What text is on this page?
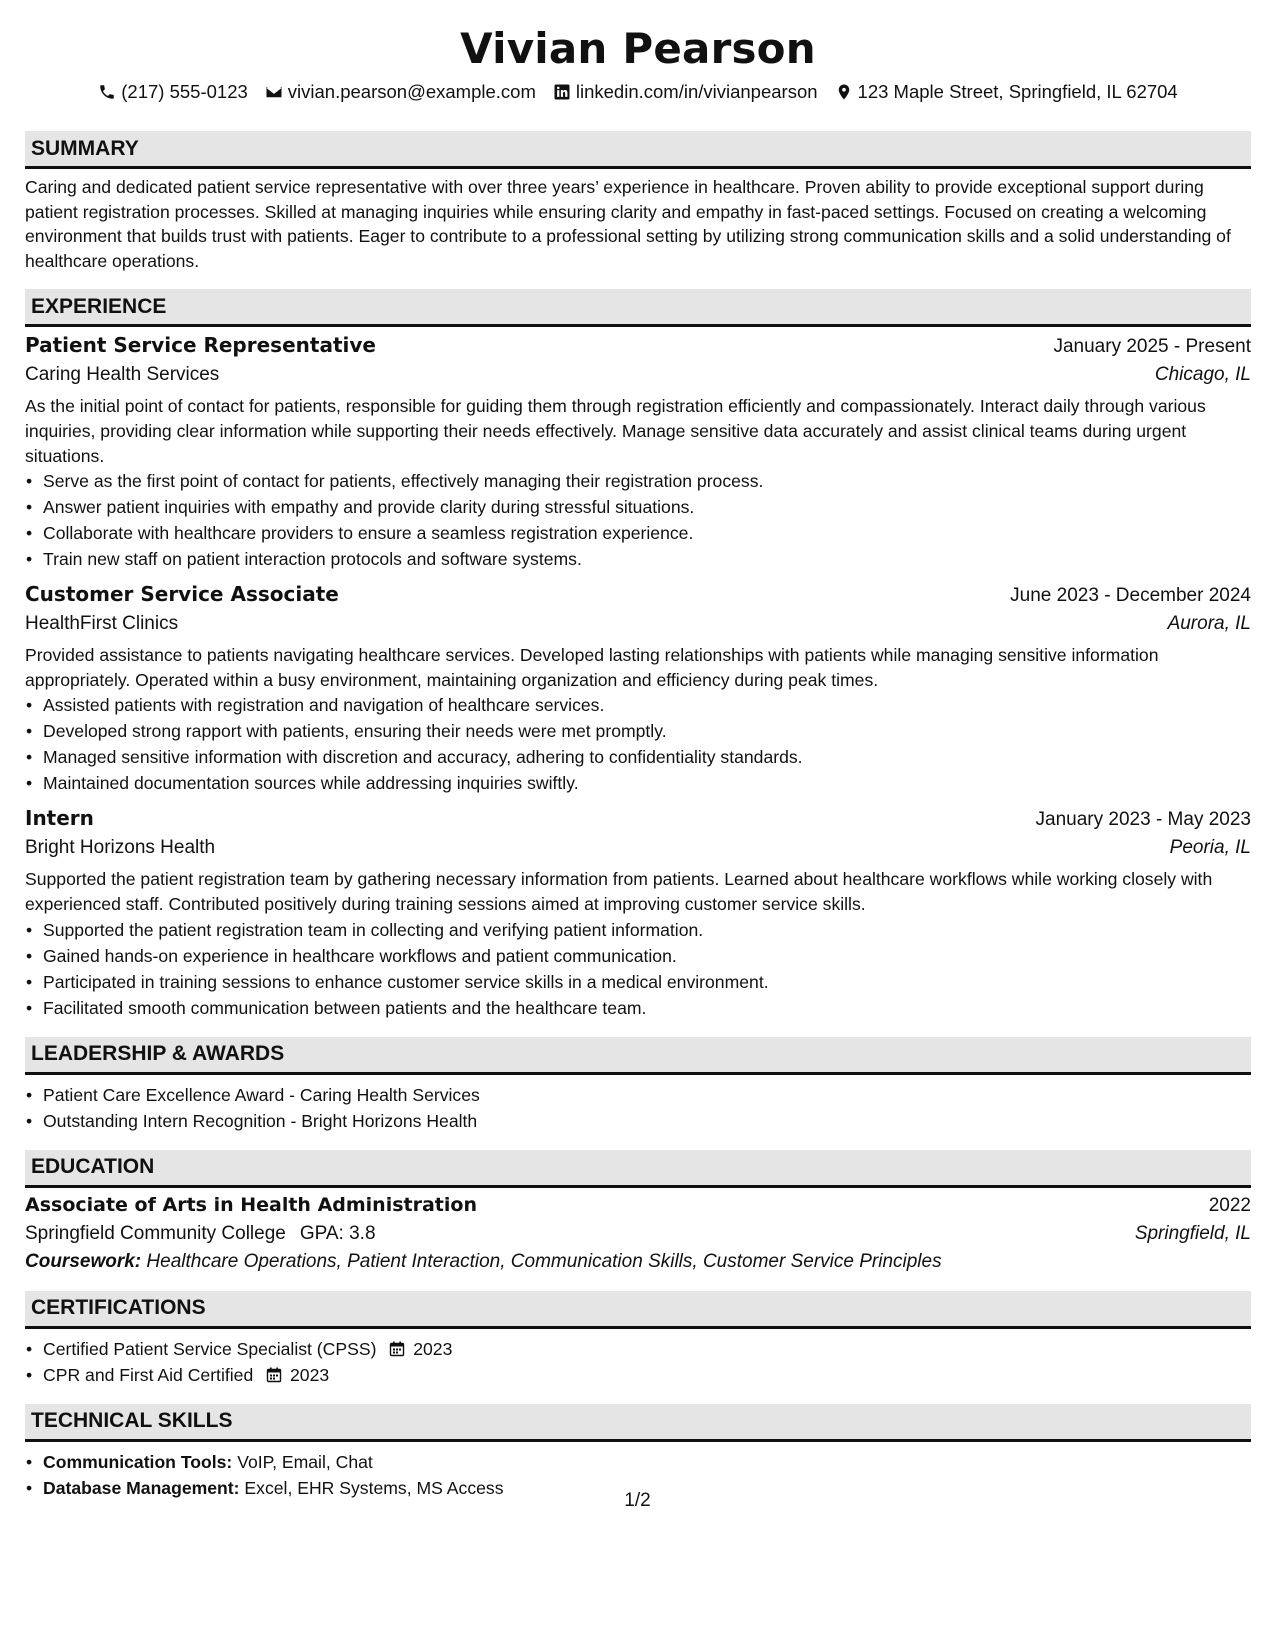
Vivian Pearson
(217) 555-0123 vivian.pearson@example.com linkedin.com/in/vivianpearson 123 Maple Street, Springfield, IL 62704
SUMMARY

Caring and dedicated patient service representative with over three years’ experience in healthcare. Proven ability to provide exceptional support during patient registration processes. Skilled at managing inquiries while ensuring clarity and empathy in fast-paced settings. Focused on creating a welcoming environment that builds trust with patients. Eager to contribute to a professional setting by utilizing strong communication skills and a solid understanding of healthcare operations.

EXPERIENCE
Patient Service Representative	January 2025 - Present
Caring Health Services	Chicago, IL

As the initial point of contact for patients, responsible for guiding them through registration efficiently and compassionately. Interact daily through various inquiries, providing clear information while supporting their needs effectively. Manage sensitive data accurately and assist clinical teams during urgent situations.

• Serve as the first point of contact for patients, effectively managing their registration process.
• Answer patient inquiries with empathy and provide clarity during stressful situations.
• Collaborate with healthcare providers to ensure a seamless registration experience.
• Train new staff on patient interaction protocols and software systems.
Customer Service Associate	June 2023 - December 2024
HealthFirst Clinics	Aurora, IL

Provided assistance to patients navigating healthcare services. Developed lasting relationships with patients while managing sensitive information appropriately. Operated within a busy environment, maintaining organization and efficiency during peak times.

• Assisted patients with registration and navigation of healthcare services.
• Developed strong rapport with patients, ensuring their needs were met promptly.
• Managed sensitive information with discretion and accuracy, adhering to confidentiality standards.
• Maintained documentation sources while addressing inquiries swiftly.
Intern	January 2023 - May 2023
Bright Horizons Health	Peoria, IL

Supported the patient registration team by gathering necessary information from patients. Learned about healthcare workflows while working closely with experienced staff. Contributed positively during training sessions aimed at improving customer service skills.

• Supported the patient registration team in collecting and verifying patient information.
• Gained hands-on experience in healthcare workflows and patient communication.
• Participated in training sessions to enhance customer service skills in a medical environment.
• Facilitated smooth communication between patients and the healthcare team.
LEADERSHIP & AWARDS
• Patient Care Excellence Award - Caring Health Services
• Outstanding Intern Recognition - Bright Horizons Health
EDUCATION
Associate of Arts in Health Administration	2022
Springfield Community College GPA: 3.8	Springfield, IL
Coursework: Healthcare Operations, Patient Interaction, Communication Skills, Customer Service Principles
CERTIFICATIONS
• Certified Patient Service Specialist (CPSS) 2023
• CPR and First Aid Certified 2023
TECHNICAL SKILLS
• Communication Tools: VoIP, Email, Chat
• Database Management: Excel, EHR Systems, MS Access
1/2
